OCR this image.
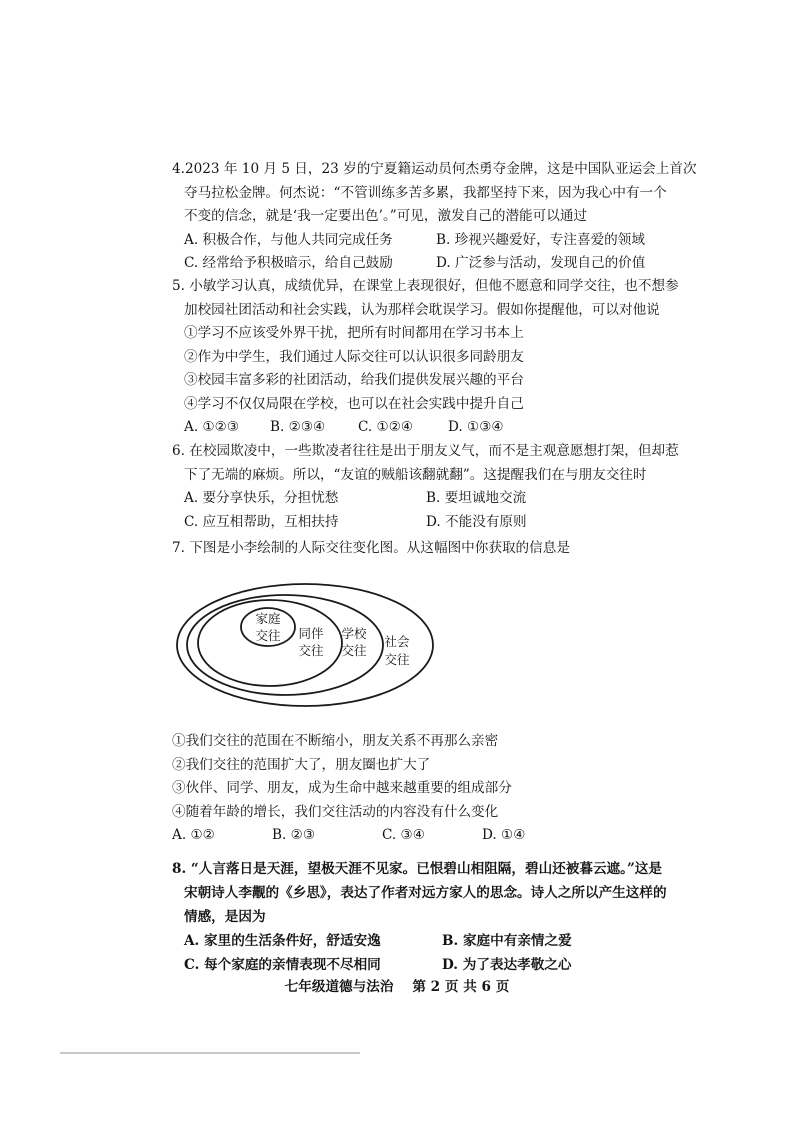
4.2023 年 10 月 5 日，23 岁的宁夏籍运动员何杰勇夺金牌，这是中国队亚运会上首次
夺马拉松金牌。何杰说：“不管训练多苦多累，我都坚持下来，因为我心中有一个
不变的信念，就是‘我一定要出色’。”可见，激发自己的潜能可以通过
A. 积极合作，与他人共同完成任务	B. 珍视兴趣爱好，专注喜爱的领域
C. 经常给予积极暗示，给自己鼓励	D. 广泛参与活动，发现自己的价值
5. 小敏学习认真，成绩优异，在课堂上表现很好，但他不愿意和同学交往，也不想参
加校园社团活动和社会实践，认为那样会耽误学习。假如你提醒他，可以对他说
①学习不应该受外界干扰，把所有时间都用在学习书本上
②作为中学生，我们通过人际交往可以认识很多同龄朋友
③校园丰富多彩的社团活动，给我们提供发展兴趣的平台
④学习不仅仅局限在学校，也可以在社会实践中提升自己
A. ①②③ B. ②③④ C. ①②④	D. ①③④
6. 在校园欺凌中，一些欺凌者往往是出于朋友义气，而不是主观意愿想打架，但却惹
下了无端的麻烦。所以，“友谊的贼船该翻就翻”。这提醒我们在与朋友交往时
A. 要分享快乐，分担忧愁	B. 要坦诚地交流
C. 应互相帮助，互相扶持	D. 不能没有原则
7. 下图是小李绘制的人际交往变化图。从这幅图中你获取的信息是
家庭
交往 同伴
交往
学校
交往
社会
交往
①我们交往的范围在不断缩小，朋友关系不再那么亲密
②我们交往的范围扩大了，朋友圈也扩大了
③伙伴、同学、朋友，成为生命中越来越重要的组成部分
④随着年龄的增长，我们交往活动的内容没有什么变化
A. ①②	B. ②③	C. ③④	D. ①④
8. “人言落日是天涯，望极天涯不见家。已恨碧山相阻隔，碧山还被暮云遮。”这是
宋朝诗人李觏的《乡思》，表达了作者对远方家人的思念。诗人之所以产生这样的
情感，是因为
A. 家里的生活条件好，舒适安逸	B. 家庭中有亲情之爱
C. 每个家庭的亲情表现不尽相同	D. 为了表达孝敬之心
七年级道德与法治 第 2 页 共 6 页
